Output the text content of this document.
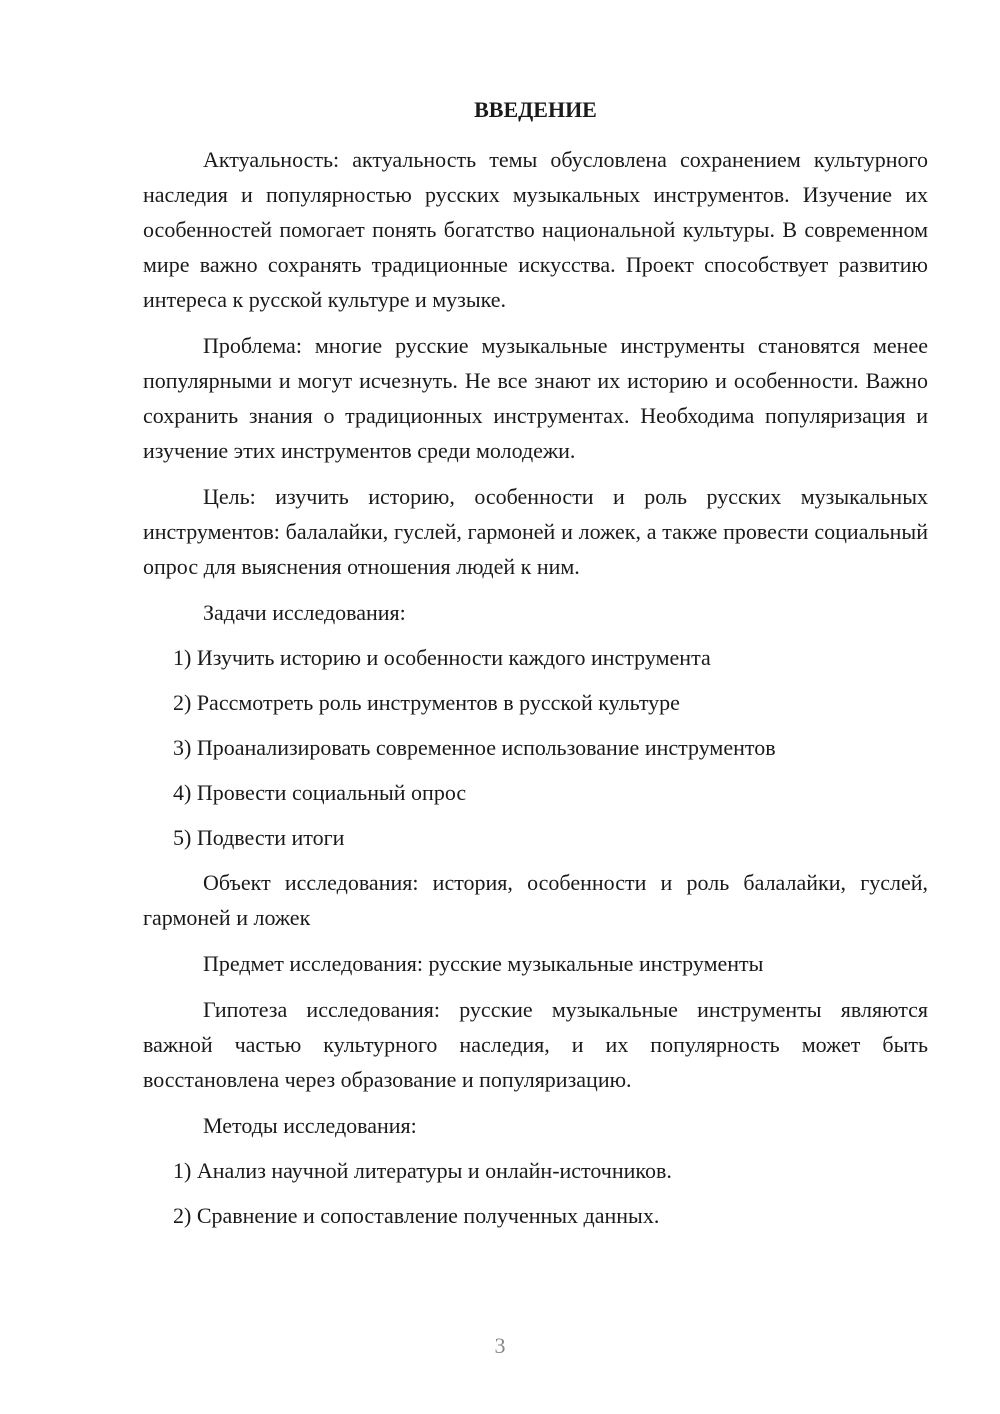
ВВЕДЕНИЕ

Актуальность: актуальность темы обусловлена сохранением культурного наследия и популярностью русских музыкальных инструментов. Изучение их особенностей помогает понять богатство национальной культуры. В современном мире важно сохранять традиционные искусства. Проект способствует развитию интереса к русской культуре и музыке.

Проблема: многие русские музыкальные инструменты становятся менее популярными и могут исчезнуть. Не все знают их историю и особенности. Важно сохранить знания о традиционных инструментах. Необходима популяризация и изучение этих инструментов среди молодежи.

Цель: изучить историю, особенности и роль русских музыкальных инструментов: балалайки, гуслей, гармоней и ложек, а также провести социальный опрос для выяснения отношения людей к ним.

Задачи исследования:
1) Изучить историю и особенности каждого инструмента
2) Рассмотреть роль инструментов в русской культуре
3) Проанализировать современное использование инструментов
4) Провести социальный опрос
5) Подвести итоги

Объект исследования: история, особенности и роль балалайки, гуслей, гармоней и ложек

Предмет исследования: русские музыкальные инструменты

Гипотеза исследования: русские музыкальные инструменты являются важной частью культурного наследия, и их популярность может быть восстановлена через образование и популяризацию.

Методы исследования:
1) Анализ научной литературы и онлайн-источников.
2) Сравнение и сопоставление полученных данных.
3
